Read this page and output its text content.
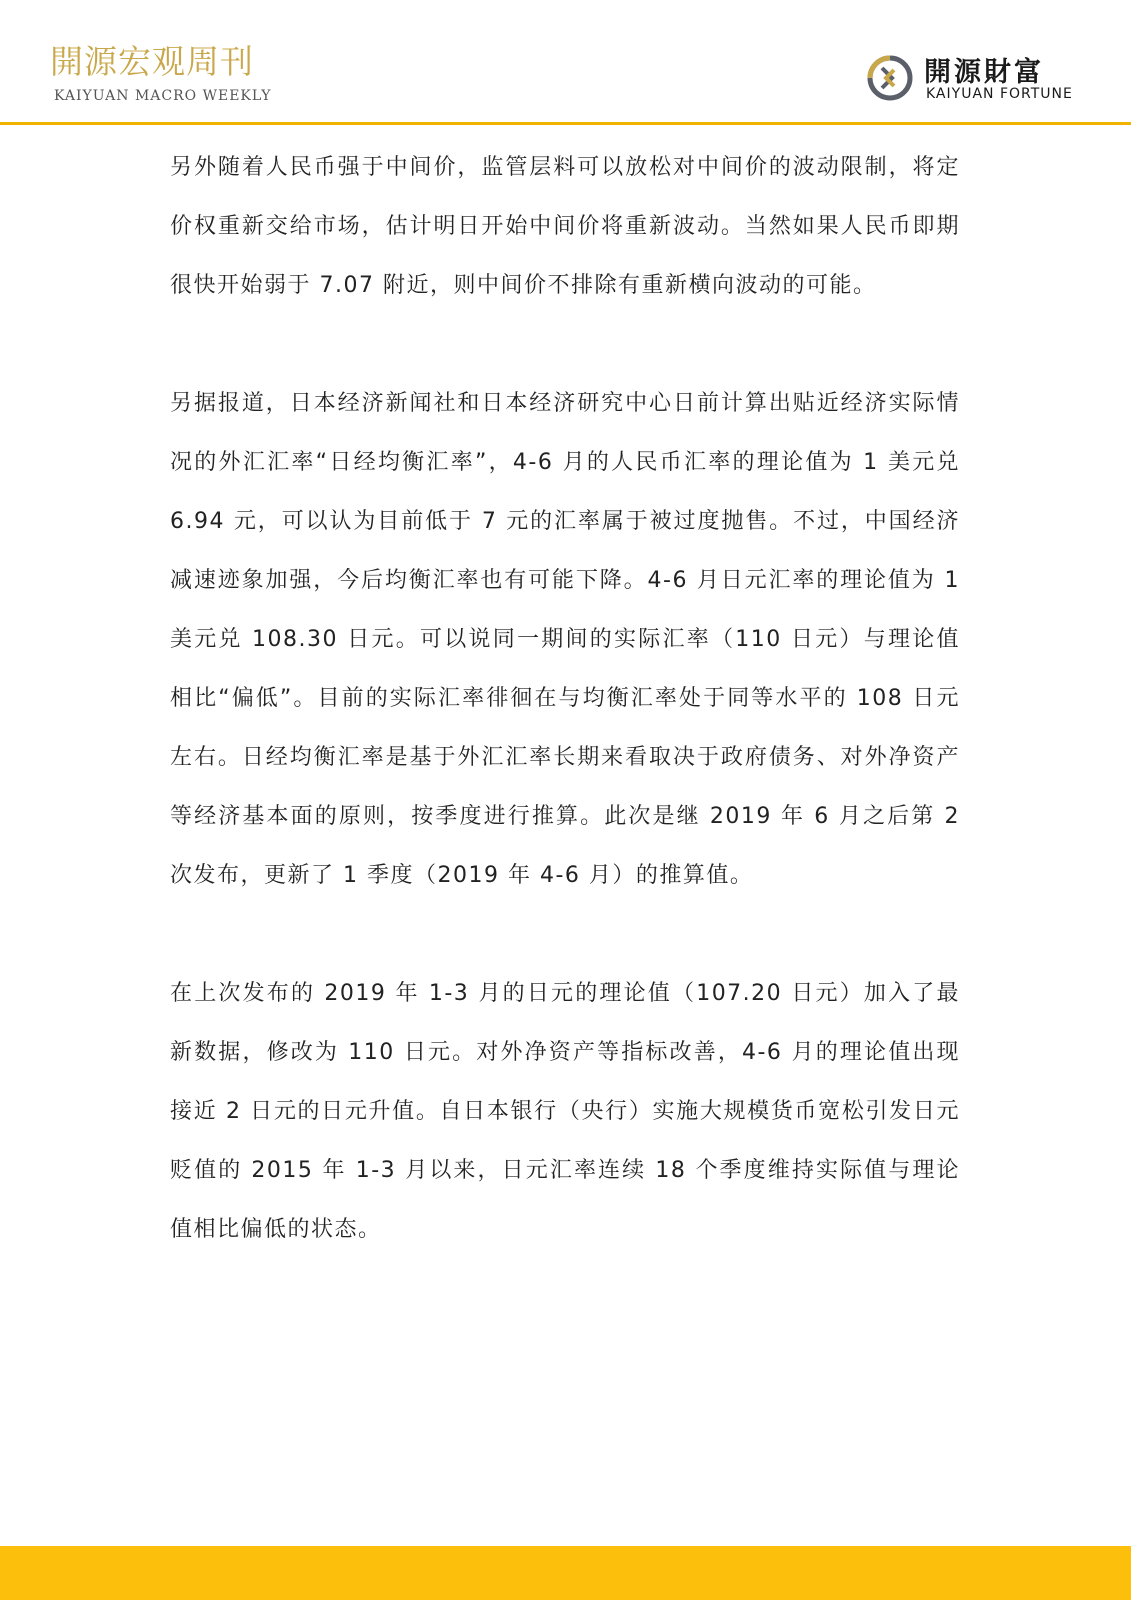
開源宏观周刊
KAIYUAN MACRO WEEKLY
開源財富
KAIYUAN FORTUNE

另外随着人民币强于中间价，监管层料可以放松对中间价的波动限制，将定价权重新交给市场，估计明日开始中间价将重新波动。当然如果人民币即期很快开始弱于 7.07 附近，则中间价不排除有重新横向波动的可能。

另据报道，日本经济新闻社和日本经济研究中心日前计算出贴近经济实际情况的外汇汇率“日经均衡汇率”，4-6 月的人民币汇率的理论值为 1 美元兑 6.94 元，可以认为目前低于 7 元的汇率属于被过度抛售。不过，中国经济减速迹象加强，今后均衡汇率也有可能下降。4-6 月日元汇率的理论值为 1 美元兑 108.30 日元。可以说同一期间的实际汇率（110 日元）与理论值相比“偏低”。目前的实际汇率徘徊在与均衡汇率处于同等水平的 108 日元左右。日经均衡汇率是基于外汇汇率长期来看取决于政府债务、对外净资产等经济基本面的原则，按季度进行推算。此次是继 2019 年 6 月之后第 2 次发布，更新了 1 季度（2019 年 4-6 月）的推算值。

在上次发布的 2019 年 1-3 月的日元的理论值（107.20 日元）加入了最新数据，修改为 110 日元。对外净资产等指标改善，4-6 月的理论值出现接近 2 日元的日元升值。自日本银行（央行）实施大规模货币宽松引发日元贬值的 2015 年 1-3 月以来，日元汇率连续 18 个季度维持实际值与理论值相比偏低的状态。
